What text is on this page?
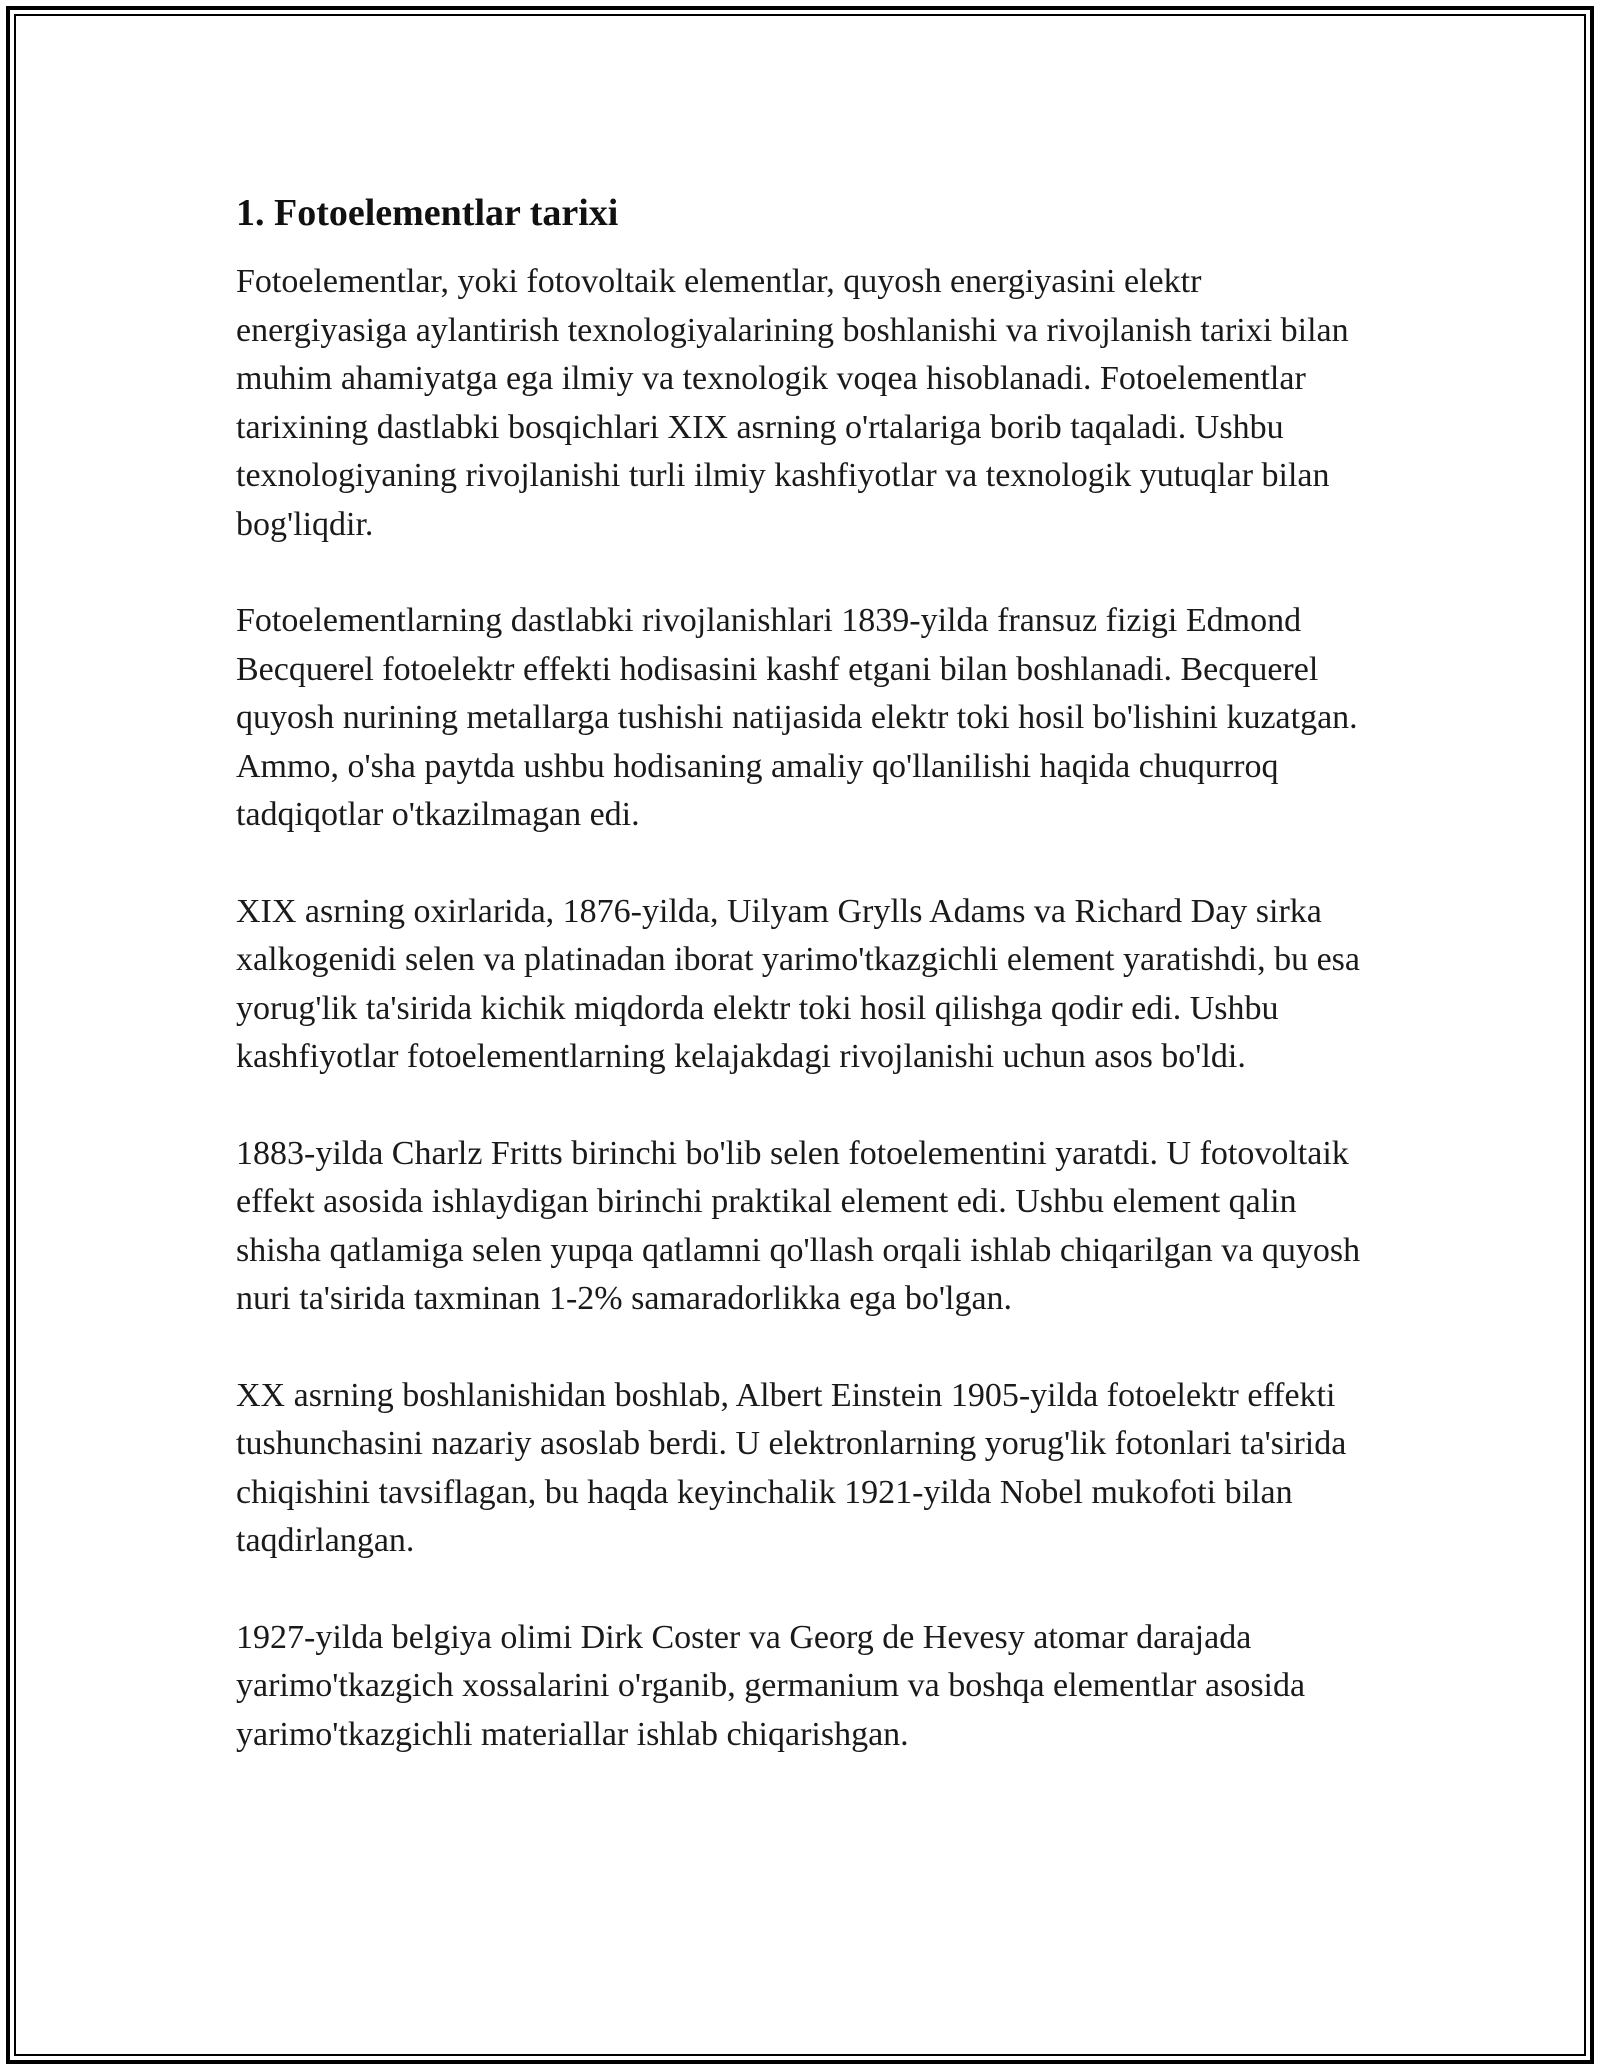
1. Fotoelementlar tarixi

Fotoelementlar, yoki fotovoltaik elementlar, quyosh energiyasini elektr energiyasiga aylantirish texnologiyalarining boshlanishi va rivojlanish tarixi bilan muhim ahamiyatga ega ilmiy va texnologik voqea hisoblanadi. Fotoelementlar tarixining dastlabki bosqichlari XIX asrning o'rtalariga borib taqaladi. Ushbu texnologiyaning rivojlanishi turli ilmiy kashfiyotlar va texnologik yutuqlar bilan bog'liqdir.

Fotoelementlarning dastlabki rivojlanishlari 1839-yilda fransuz fizigi Edmond Becquerel fotoelektr effekti hodisasini kashf etgani bilan boshlanadi. Becquerel quyosh nurining metallarga tushishi natijasida elektr toki hosil bo'lishini kuzatgan. Ammo, o'sha paytda ushbu hodisaning amaliy qo'llanilishi haqida chuqurroq tadqiqotlar o'tkazilmagan edi.

XIX asrning oxirlarida, 1876-yilda, Uilyam Grylls Adams va Richard Day sirka xalkogenidi selen va platinadan iborat yarimo'tkazgichli element yaratishdi, bu esa yorug'lik ta'sirida kichik miqdorda elektr toki hosil qilishga qodir edi. Ushbu kashfiyotlar fotoelementlarning kelajakdagi rivojlanishi uchun asos bo'ldi.

1883-yilda Charlz Fritts birinchi bo'lib selen fotoelementini yaratdi. U fotovoltaik effekt asosida ishlaydigan birinchi praktikal element edi. Ushbu element qalin shisha qatlamiga selen yupqa qatlamni qo'llash orqali ishlab chiqarilgan va quyosh nuri ta'sirida taxminan 1-2% samaradorlikka ega bo'lgan.

XX asrning boshlanishidan boshlab, Albert Einstein 1905-yilda fotoelektr effekti tushunchasini nazariy asoslab berdi. U elektronlarning yorug'lik fotonlari ta'sirida chiqishini tavsiflagan, bu haqda keyinchalik 1921-yilda Nobel mukofoti bilan taqdirlangan.

1927-yilda belgiya olimi Dirk Coster va Georg de Hevesy atomar darajada yarimo'tkazgich xossalarini o'rganib, germanium va boshqa elementlar asosida yarimo'tkazgichli materiallar ishlab chiqarishgan.
